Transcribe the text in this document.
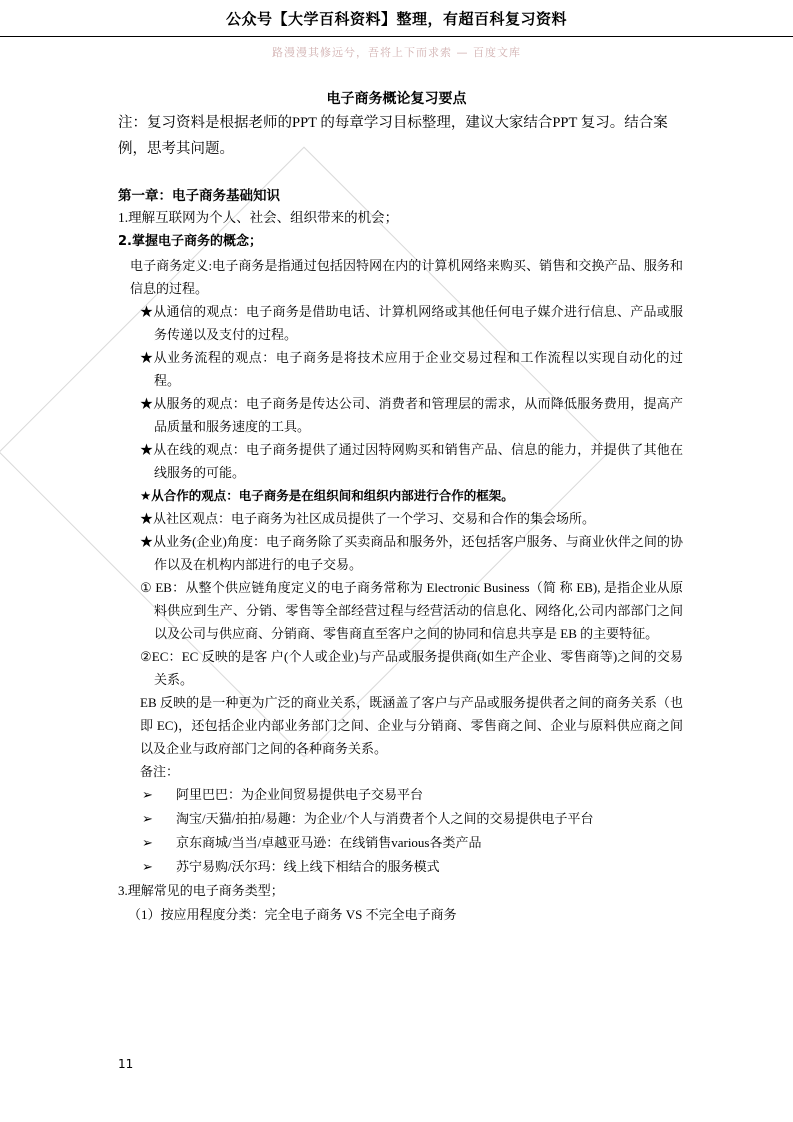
公众号【大学百科资料】整理，有超百科复习资料
路漫漫其修远兮，吾将上下而求索 — 百度文库
电子商务概论复习要点

注：复习资料是根据老师的PPT 的每章学习目标整理，建议大家结合PPT 复习。结合案例，思考其问题。

第一章：电子商务基础知识

1.理解互联网为个人、社会、组织带来的机会；

2.掌握电子商务的概念；

电子商务定义:电子商务是指通过包括因特网在内的计算机网络来购买、销售和交换产品、服务和信息的过程。

★从通信的观点：电子商务是借助电话、计算机网络或其他任何电子媒介进行信息、产品或服务传递以及支付的过程。

★从业务流程的观点：电子商务是将技术应用于企业交易过程和工作流程以实现自动化的过程。

★从服务的观点：电子商务是传达公司、消费者和管理层的需求，从而降低服务费用，提高产品质量和服务速度的工具。

★从在线的观点：电子商务提供了通过因特网购买和销售产品、信息的能力，并提供了其他在线服务的可能。

★从合作的观点：电子商务是在组织间和组织内部进行合作的框架。

★从社区观点：电子商务为社区成员提供了一个学习、交易和合作的集会场所。

★从业务(企业)角度：电子商务除了买卖商品和服务外，还包括客户服务、与商业伙伴之间的协作以及在机构内部进行的电子交易。

① EB：从整个供应链角度定义的电子商务常称为 Electronic Business（简 称 EB), 是指企业从原料供应到生产、分销、零售等全部经营过程与经营活动的信息化、网络化,公司内部部门之间以及公司与供应商、分销商、零售商直至客户之间的协同和信息共享是 EB 的主要特征。

②EC：EC 反映的是客 户(个人或企业)与产品或服务提供商(如生产企业、零售商等)之间的交易关系。

EB 反映的是一种更为广泛的商业关系，既涵盖了客户与产品或服务提供者之间的商务关系（也即 EC)，还包括企业内部业务部门之间、企业与分销商、零售商之间、企业与原料供应商之间以及企业与政府部门之间的各种商务关系。

备注：

➢ 阿里巴巴：为企业间贸易提供电子交易平台

➢ 淘宝/天猫/拍拍/易趣：为企业/个人与消费者个人之间的交易提供电子平台

➢ 京东商城/当当/卓越亚马逊：在线销售various各类产品

➢ 苏宁易购/沃尔玛：线上线下相结合的服务模式

3.理解常见的电子商务类型；

（1）按应用程度分类：完全电子商务 VS 不完全电子商务

11
